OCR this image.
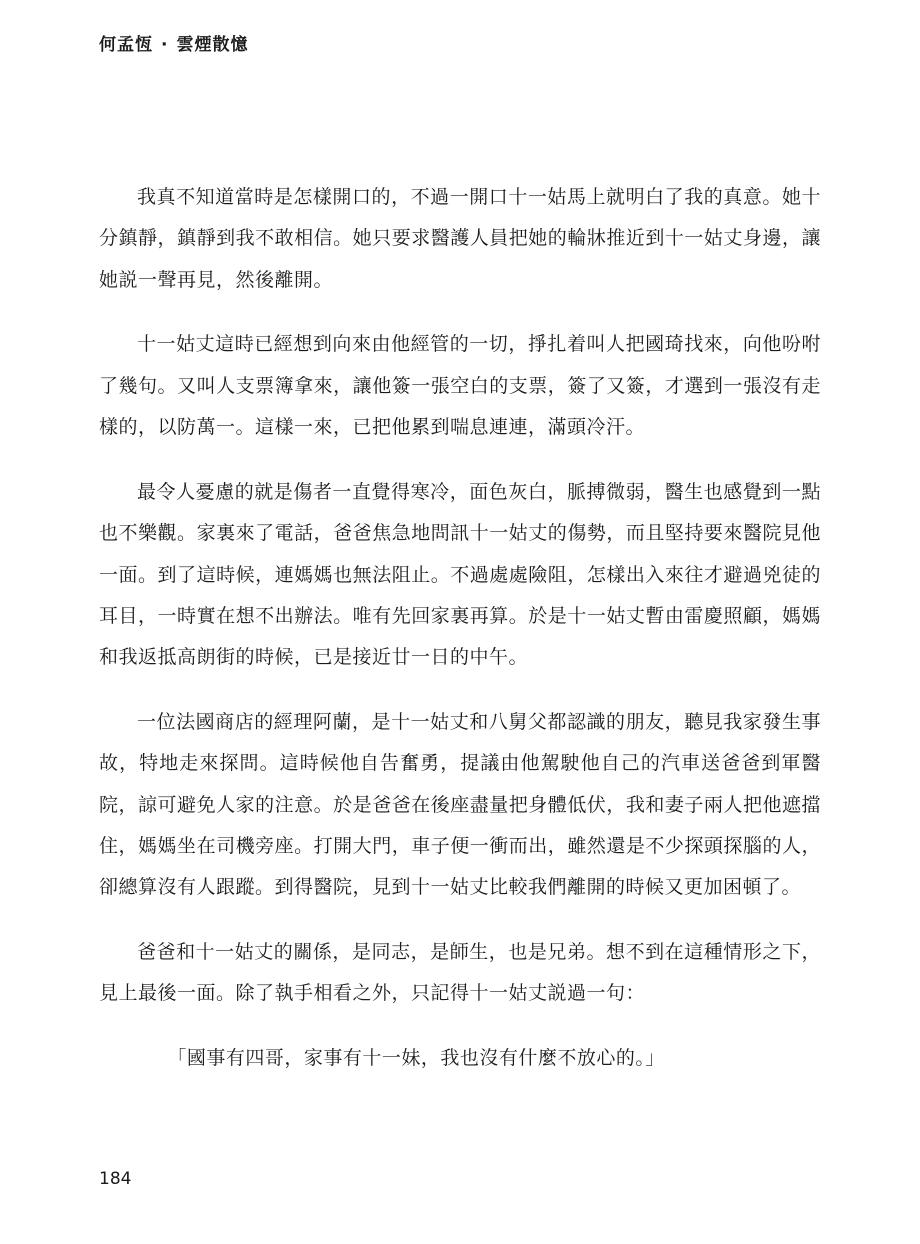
何孟恆 · 雲煙散憶

我真不知道當時是怎樣開口的，不過一開口十一姑馬上就明白了我的真意。她十分鎮靜，鎮靜到我不敢相信。她只要求醫護人員把她的輪牀推近到十一姑丈身邊，讓她説一聲再見，然後離開。

十一姑丈這時已經想到向來由他經管的一切，掙扎着叫人把國琦找來，向他吩咐了幾句。又叫人支票簿拿來，讓他簽一張空白的支票，簽了又簽，才選到一張沒有走樣的，以防萬一。這樣一來，已把他累到喘息連連，滿頭冷汗。

最令人憂慮的就是傷者一直覺得寒冷，面色灰白，脈搏微弱，醫生也感覺到一點也不樂觀。家裏來了電話，爸爸焦急地問訊十一姑丈的傷勢，而且堅持要來醫院見他一面。到了這時候，連媽媽也無法阻止。不過處處險阻，怎樣出入來往才避過兇徒的耳目，一時實在想不出辦法。唯有先回家裏再算。於是十一姑丈暫由雷慶照顧，媽媽和我返抵高朗街的時候，已是接近廿一日的中午。

一位法國商店的經理阿蘭，是十一姑丈和八舅父都認識的朋友，聽見我家發生事故，特地走來探問。這時候他自告奮勇，提議由他駕駛他自己的汽車送爸爸到軍醫院，諒可避免人家的注意。於是爸爸在後座盡量把身體低伏，我和妻子兩人把他遮擋住，媽媽坐在司機旁座。打開大門，車子便一衝而出，雖然還是不少探頭探腦的人，卻總算沒有人跟蹤。到得醫院，見到十一姑丈比較我們離開的時候又更加困頓了。

爸爸和十一姑丈的關係，是同志，是師生，也是兄弟。想不到在這種情形之下，見上最後一面。除了執手相看之外，只記得十一姑丈説過一句：

「國事有四哥，家事有十一妹，我也沒有什麼不放心的。」

184
